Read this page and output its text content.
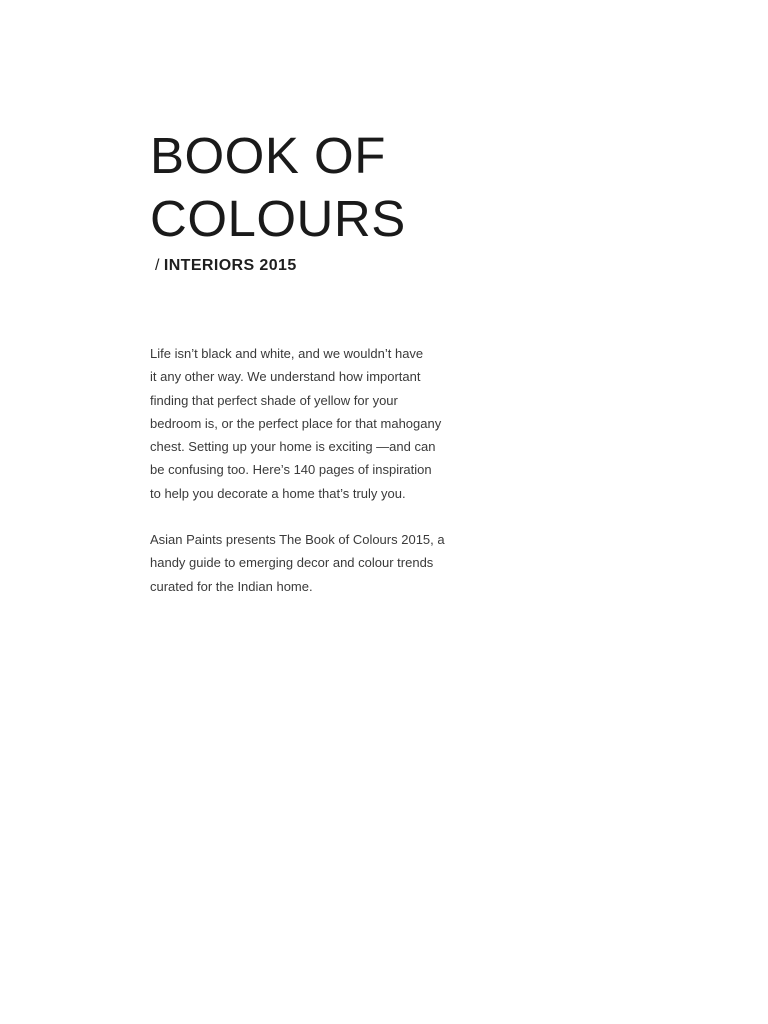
BOOK OF
COLOURS

/ INTERIORS 2015

Life isn’t black and white, and we wouldn’t have
it any other way. We understand how important
finding that perfect shade of yellow for your
bedroom is, or the perfect place for that mahogany
chest. Setting up your home is exciting —and can
be confusing too. Here’s 140 pages of inspiration
to help you decorate a home that’s truly you.

Asian Paints presents The Book of Colours 2015, a
handy guide to emerging decor and colour trends
curated for the Indian home.
